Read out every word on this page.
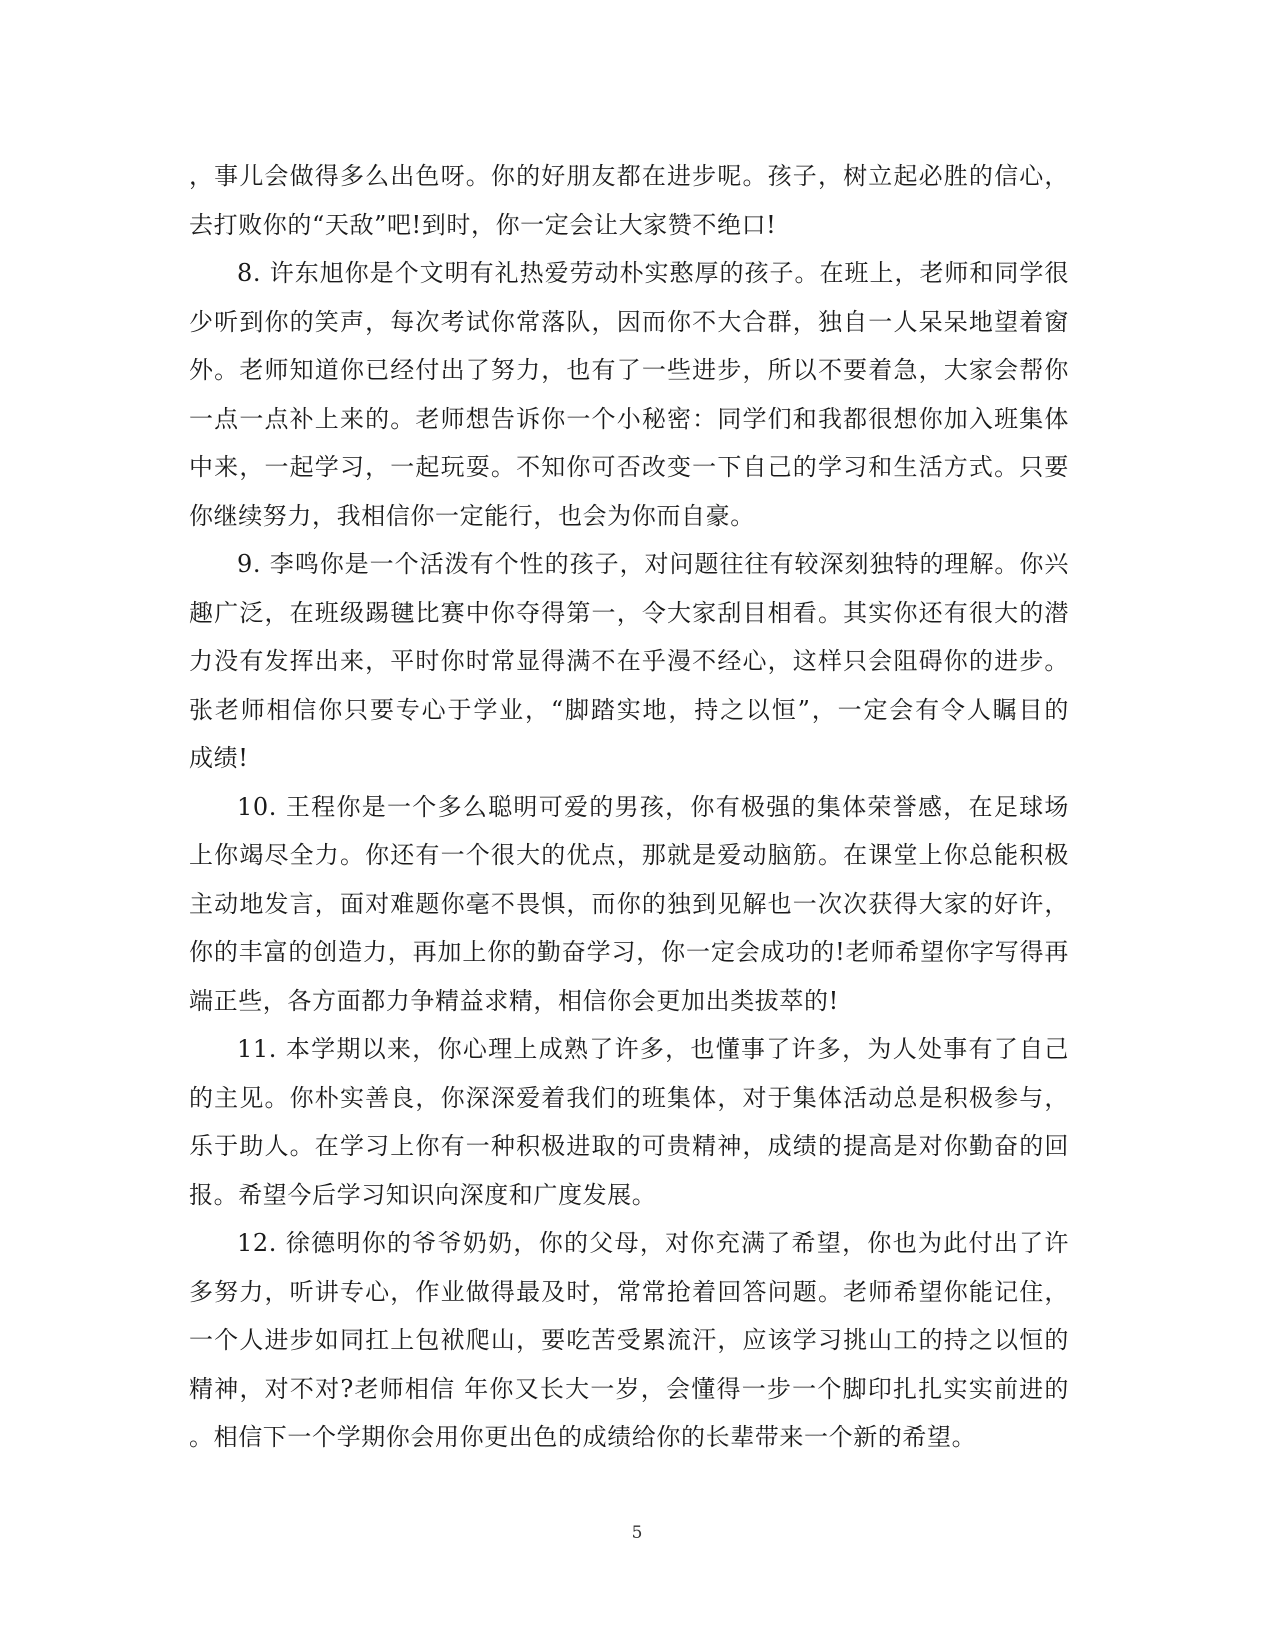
，事儿会做得多么出色呀。你的好朋友都在进步呢。孩子，树立起必胜的信心，
去打败你的“天敌”吧!到时，你一定会让大家赞不绝口!
8. 许东旭你是个文明有礼热爱劳动朴实憨厚的孩子。在班上，老师和同学很
少听到你的笑声，每次考试你常落队，因而你不大合群，独自一人呆呆地望着窗
外。老师知道你已经付出了努力，也有了一些进步，所以不要着急，大家会帮你
一点一点补上来的。老师想告诉你一个小秘密：同学们和我都很想你加入班集体
中来，一起学习，一起玩耍。不知你可否改变一下自己的学习和生活方式。只要
你继续努力，我相信你一定能行，也会为你而自豪。
9. 李鸣你是一个活泼有个性的孩子，对问题往往有较深刻独特的理解。你兴
趣广泛，在班级踢毽比赛中你夺得第一，令大家刮目相看。其实你还有很大的潜
力没有发挥出来，平时你时常显得满不在乎漫不经心，这样只会阻碍你的进步。
张老师相信你只要专心于学业，“脚踏实地，持之以恒”，一定会有令人瞩目的
成绩!
10. 王程你是一个多么聪明可爱的男孩，你有极强的集体荣誉感，在足球场
上你竭尽全力。你还有一个很大的优点，那就是爱动脑筋。在课堂上你总能积极
主动地发言，面对难题你毫不畏惧，而你的独到见解也一次次获得大家的好许，
你的丰富的创造力，再加上你的勤奋学习，你一定会成功的!老师希望你字写得再
端正些，各方面都力争精益求精，相信你会更加出类拔萃的!
11. 本学期以来，你心理上成熟了许多，也懂事了许多，为人处事有了自己
的主见。你朴实善良，你深深爱着我们的班集体，对于集体活动总是积极参与，
乐于助人。在学习上你有一种积极进取的可贵精神，成绩的提高是对你勤奋的回
报。希望今后学习知识向深度和广度发展。
12. 徐德明你的爷爷奶奶，你的父母，对你充满了希望，你也为此付出了许
多努力，听讲专心，作业做得最及时，常常抢着回答问题。老师希望你能记住，
一个人进步如同扛上包袱爬山，要吃苦受累流汗，应该学习挑山工的持之以恒的
精神，对不对?老师相信 年你又长大一岁，会懂得一步一个脚印扎扎实实前进的
。相信下一个学期你会用你更出色的成绩给你的长辈带来一个新的希望。
5
